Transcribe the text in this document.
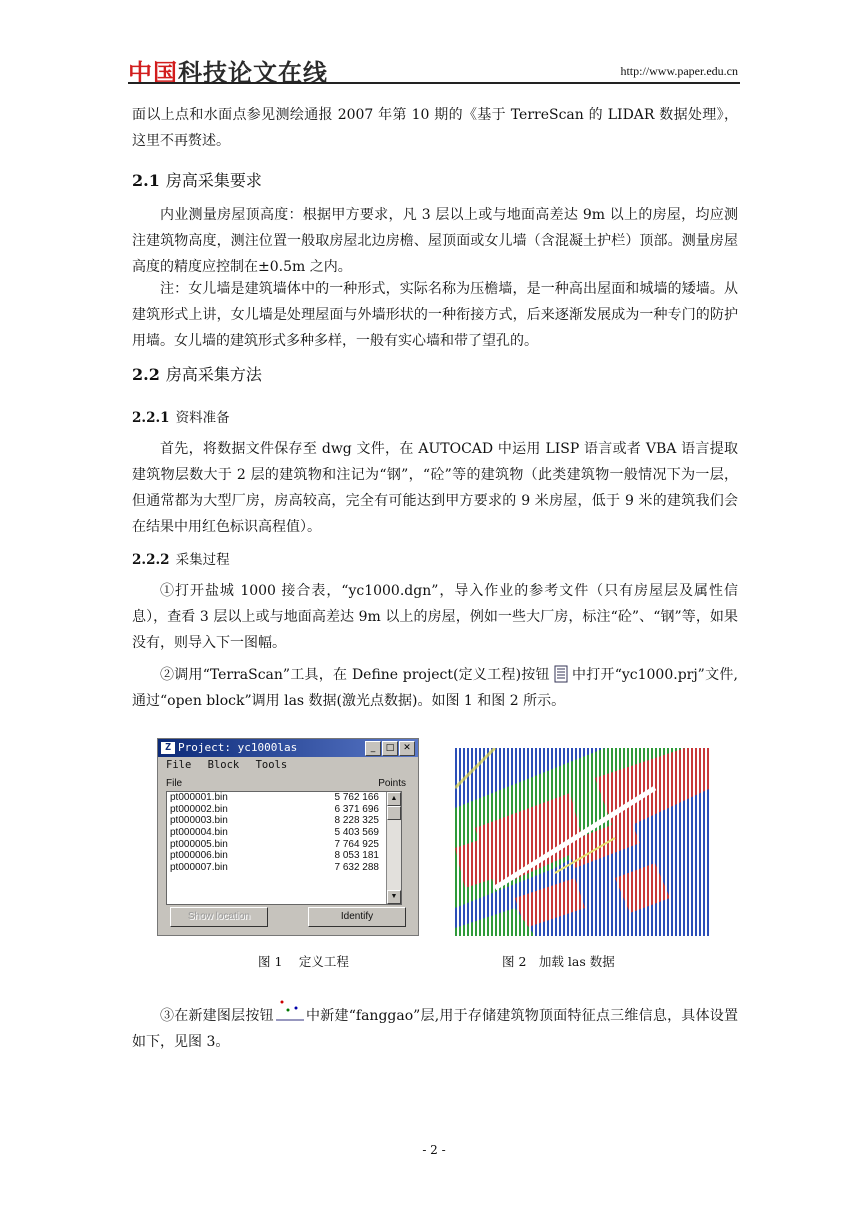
中国科技论文在线	http://www.paper.edu.cn
面以上点和水面点参见测绘通报 2007 年第 10 期的《基于 TerreScan 的 LIDAR 数据处理》，这里不再赘述。
2.1 房高采集要求
内业测量房屋顶高度：根据甲方要求，凡 3 层以上或与地面高差达 9m 以上的房屋，均应测注建筑物高度，测注位置一般取房屋北边房檐、屋顶面或女儿墙（含混凝土护栏）顶部。测量房屋高度的精度应控制在±0.5m 之内。
注：女儿墙是建筑墙体中的一种形式，实际名称为压檐墙，是一种高出屋面和城墙的矮墙。从建筑形式上讲，女儿墙是处理屋面与外墙形状的一种衔接方式，后来逐渐发展成为一种专门的防护用墙。女儿墙的建筑形式多种多样，一般有实心墙和带了望孔的。
2.2 房高采集方法
2.2.1 资料准备
首先，将数据文件保存至 dwg 文件，在 AUTOCAD 中运用 LISP 语言或者 VBA 语言提取建筑物层数大于 2 层的建筑物和注记为“钢”，“砼”等的建筑物（此类建筑物一般情况下为一层，但通常都为大型厂房，房高较高，完全有可能达到甲方要求的 9 米房屋，低于 9 米的建筑我们会在结果中用红色标识高程值）。
2.2.2 采集过程
①打开盐城 1000 接合表，“yc1000.dgn”，导入作业的参考文件（只有房屋层及属性信息），查看 3 层以上或与地面高差达 9m 以上的房屋，例如一些大厂房，标注“砼”、“钢”等，如果没有，则导入下一图幅。
②调用“TerraScan”工具，在 Define project(定义工程)按钮 中打开“yc1000.prj”文件,通过“open block”调用 las 数据(激光点数据)。如图 1 和图 2 所示。
Z Project: yc1000las	_	□ ✕
File Block Tools
File	Points
pt000001.bin	5 762 166
pt000002.bin	6 371 696
pt000003.bin	8 228 325
pt000004.bin	5 403 569
pt000005.bin	7 764 925
pt000006.bin	8 053 181
pt000007.bin	7 632 288
▲
▼
Show location	Identify
图 1　 定义工程	图 2　加载 las 数据
③在新建图层按钮 中新建“fanggao”层,用于存储建筑物顶面特征点三维信息，具体设置如下，见图 3。
- 2 -
